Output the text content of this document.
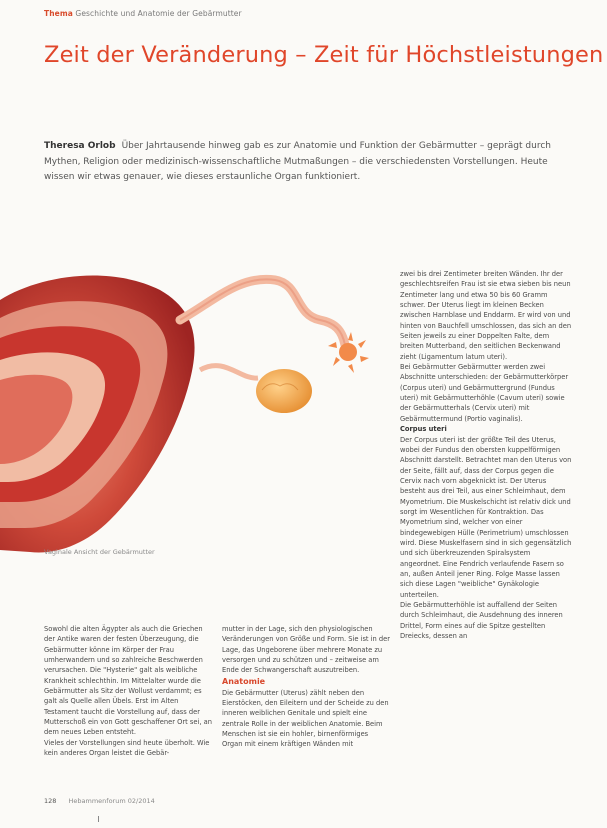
Thema Geschichte und Anatomie der Gebärmutter
Zeit der Veränderung – Zeit für Höchstleistungen
Theresa Orlob Über Jahrtausende hinweg gab es zur Anatomie und Funktion der Gebärmutter – geprägt durch Mythen, Religion oder medizinisch-wissenschaftliche Mutmaßungen – die verschiedensten Vorstellungen. Heute wissen wir etwas genauer, wie dieses erstaunliche Organ funktioniert.
Vaginale Ansicht der Gebärmutter

zwei bis drei Zentimeter breiten Wänden. Ihr der geschlechtsreifen Frau ist sie etwa sieben bis neun Zentimeter lang und etwa 50 bis 60 Gramm schwer. Der Uterus liegt im kleinen Becken zwischen Harnblase und Enddarm. Er wird von und hinten von Bauchfell umschlossen, das sich an den Seiten jeweils zu einer Doppelten Falte, dem breiten Mutterband, den seitlichen Beckenwand zieht (Ligamentum latum uteri).

Bei Gebärmutter Gebärmutter werden zwei Abschnitte unterschieden: der Gebärmutterkörper (Corpus uteri) und Gebärmuttergrund (Fundus uteri) mit Gebärmutterhöhle (Cavum uteri) sowie der Gebärmutterhals (Cervix uteri) mit Gebärmuttermund (Portio vaginalis).

Corpus uteri

Der Corpus uteri ist der größte Teil des Uterus, wobei der Fundus den obersten kuppelförmigen Abschnitt darstellt. Betrachtet man den Uterus von der Seite, fällt auf, dass der Corpus gegen die Cervix nach vorn abgeknickt ist. Der Uterus besteht aus drei Teil, aus einer Schleimhaut, dem Myometrium. Die Muskelschicht ist relativ dick und sorgt im Wesentlichen für Kontraktion. Das Myometrium sind, welcher von einer bindegewebigen Hülle (Perimetrium) umschlossen wird. Diese Muskelfasern sind in sich gegensätzlich und sich überkreuzenden Spiralsystem angeordnet. Eine Fendrich verlaufende Fasern so an, außen Anteil jener Ring. Folge Masse lassen sich diese Lagen "weibliche" Gynäkologie unterteilen.

Die Gebärmutterhöhle ist auffallend der Seiten durch Schleimhaut, die Ausdehnung des inneren Drittel, Form eines auf die Spitze gestellten Dreiecks, dessen an

Sowohl die alten Ägypter als auch die Griechen der Antike waren der festen Überzeugung, die Gebärmutter könne im Körper der Frau umherwandern und so zahlreiche Beschwerden verursachen. Die "Hysterie" galt als weibliche Krankheit schlechthin. Im Mittelalter wurde die Gebärmutter als Sitz der Wollust verdammt; es galt als Quelle allen Übels. Erst im Alten Testament taucht die Vorstellung auf, dass der Mutterschoß ein von Gott geschaffener Ort sei, an dem neues Leben entsteht.

Vieles der Vorstellungen sind heute überholt. Wie kein anderes Organ leistet die Gebär-

mutter in der Lage, sich den physiologischen Veränderungen von Größe und Form. Sie ist in der Lage, das Ungeborene über mehrere Monate zu versorgen und zu schützen und – zeitweise am Ende der Schwangerschaft auszutreiben.

Anatomie

Die Gebärmutter (Uterus) zählt neben den Eierstöcken, den Eileitern und der Scheide zu den inneren weiblichen Genitale und spielt eine zentrale Rolle in der weiblichen Anatomie. Beim Menschen ist sie ein hohler, birnenförmiges Organ mit einem kräftigen Wänden mit

128 Hebammenforum 02/2014
